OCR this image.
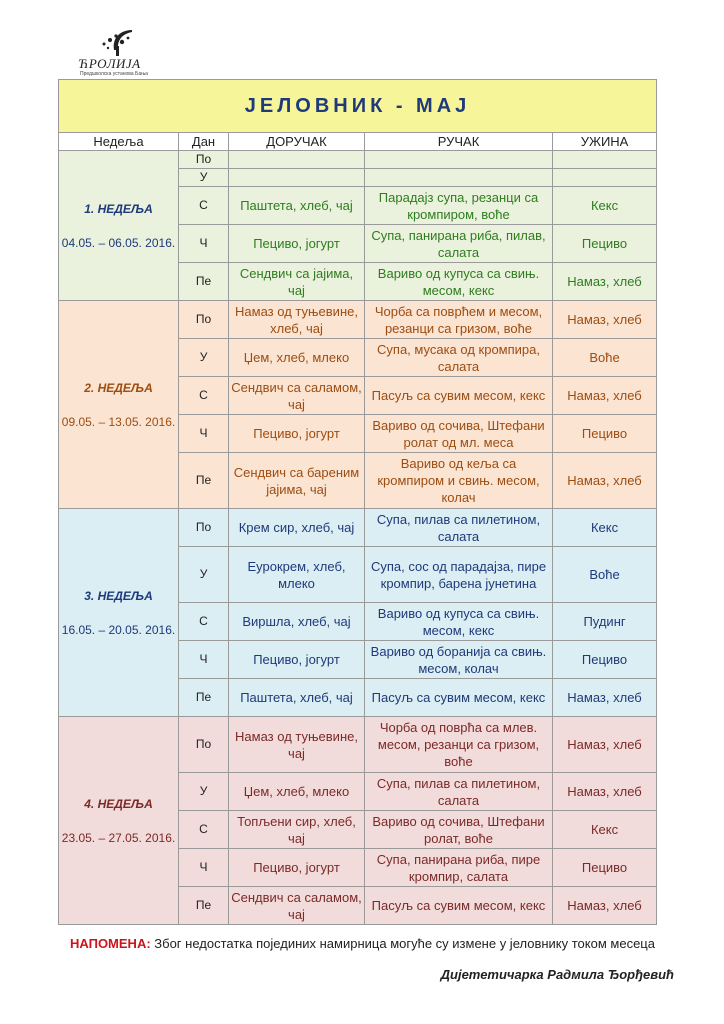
ЋРОЛИЈА
Предшколска установа Бања
ЈЕЛОВНИК - МАЈ				
Недеља	Дан	ДОРУЧАК	РУЧАК	УЖИНА

1. НЕДЕЉА
04.05. – 06.05. 2016.	По			
	У			
	С	Паштета, хлеб, чај	Парадајз супа, резанци са кромпиром, воће	Кекс
	Ч	Пециво, јогурт	Супа, панирана риба, пилав, салата	Пециво
	Пе	Сендвич са јајима, чај	Вариво од купуса са свињ. месом, кекс	Намаз, хлеб

2. НЕДЕЉА
09.05. – 13.05. 2016.	По	Намаз од туњевине, хлеб, чај	Чорба са поврћем и месом, резанци са гризом, воће	Намаз, хлеб
	У	Џем, хлеб, млеко	Супа, мусака од кромпира, салата	Воће
	С	Сендвич са саламом, чај	Пасуљ са сувим месом, кекс	Намаз, хлеб
	Ч	Пециво, јогурт	Вариво од сочива, Штефани ролат од мл. меса	Пециво
	Пе	Сендвич са бареним јајима, чај	Вариво од кеља са кромпиром и свињ. месом, колач	Намаз, хлеб

3. НЕДЕЉА
16.05. – 20.05. 2016.	По	Крем сир, хлеб, чај	Супа, пилав са пилетином, салата	Кекс
	У	Еурокрем, хлеб, млеко	Супа, сос од парадајза, пире кромпир, барена јунетина	Воће
	С	Виршла, хлеб, чај	Вариво од купуса са свињ. месом, кекс	Пудинг
	Ч	Пециво, јогурт	Вариво од боранија са свињ. месом, колач	Пециво
	Пе	Паштета, хлеб, чај	Пасуљ са сувим месом, кекс	Намаз, хлеб

4. НЕДЕЉА
23.05. – 27.05. 2016.	По	Намаз од туњевине, чај	Чорба од поврћа са млев. месом, резанци са гризом, воће	Намаз, хлеб
	У	Џем, хлеб, млеко	Супа, пилав са пилетином, салата	Намаз, хлеб
	С	Топљени сир, хлеб, чај	Вариво од сочива, Штефани ролат, воће	Кекс
	Ч	Пециво, јогурт	Супа, панирана риба, пире кромпир, салата	Пециво
	Пе	Сендвич са саламом, чај	Пасуљ са сувим месом, кекс	Намаз, хлеб
НАПОМЕНА: Због недостатка појединих намирница могуће су измене у јеловнику током месеца
Дијететичарка Радмила Ђорђевић
